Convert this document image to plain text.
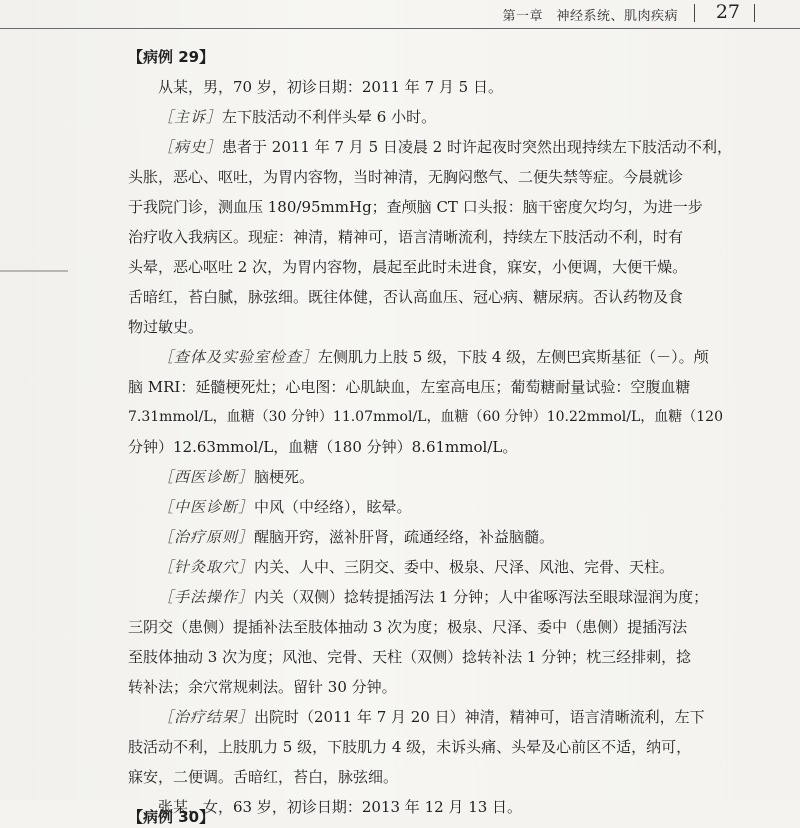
第一章　神经系统、肌肉疾病 27
【病例 29】
从某，男，70 岁，初诊日期：2011 年 7 月 5 日。
［主诉］左下肢活动不利伴头晕 6 小时。
［病史］患者于 2011 年 7 月 5 日凌晨 2 时许起夜时突然出现持续左下肢活动不利，
头胀，恶心、呕吐，为胃内容物，当时神清，无胸闷憋气、二便失禁等症。今晨就诊
于我院门诊，测血压 180/95mmHg；查颅脑 CT 口头报：脑干密度欠均匀，为进一步
治疗收入我病区。现症：神清，精神可，语言清晰流利，持续左下肢活动不利，时有
头晕，恶心呕吐 2 次，为胃内容物，晨起至此时未进食，寐安，小便调，大便干燥。
舌暗红，苔白腻，脉弦细。既往体健，否认高血压、冠心病、糖尿病。否认药物及食
物过敏史。
［查体及实验室检查］左侧肌力上肢 5 级，下肢 4 级，左侧巴宾斯基征（－）。颅
脑 MRI：延髓梗死灶；心电图：心肌缺血，左室高电压；葡萄糖耐量试验：空腹血糖
7.31mmol/L，血糖（30 分钟）11.07mmol/L，血糖（60 分钟）10.22mmol/L，血糖（120
分钟）12.63mmol/L，血糖（180 分钟）8.61mmol/L。
［西医诊断］脑梗死。
［中医诊断］中风（中经络），眩晕。
［治疗原则］醒脑开窍，滋补肝肾，疏通经络，补益脑髓。
［针灸取穴］内关、人中、三阴交、委中、极泉、尺泽、风池、完骨、天柱。
［手法操作］内关（双侧）捻转提插泻法 1 分钟；人中雀啄泻法至眼球湿润为度；
三阴交（患侧）提插补法至肢体抽动 3 次为度；极泉、尺泽、委中（患侧）提插泻法
至肢体抽动 3 次为度；风池、完骨、天柱（双侧）捻转补法 1 分钟；枕三经排刺，捻
转补法；余穴常规刺法。留针 30 分钟。
［治疗结果］出院时（2011 年 7 月 20 日）神清，精神可，语言清晰流利，左下
肢活动不利，上肢肌力 5 级，下肢肌力 4 级，未诉头痛、头晕及心前区不适，纳可，
寐安，二便调。舌暗红，苔白，脉弦细。
【病例 30】
张某，女，63 岁，初诊日期：2013 年 12 月 13 日。
